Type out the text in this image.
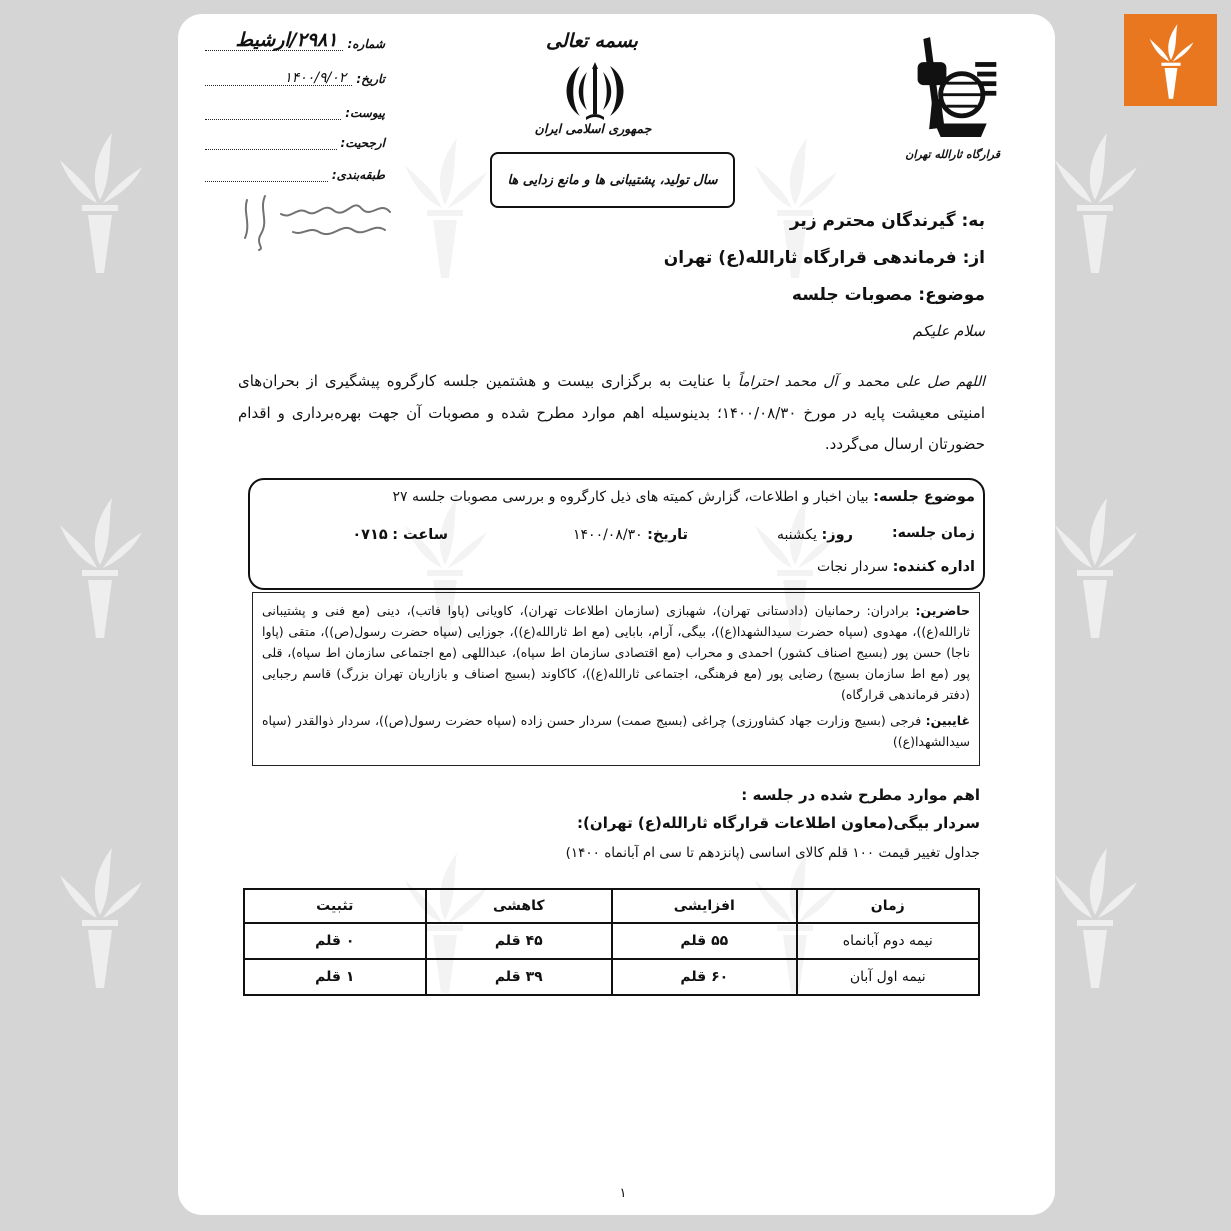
بسمه تعالی
جمهوری اسلامی ایران
سال تولید، پشتیبانی ها و مانع زدایی ها
قرارگاه ثارالله تهران
شماره:
۲۹۸۱/ارشیط
تاریخ:
۱۴۰۰/۹/۰۲
پیوست:
ارجحیت:
طبقه‌بندی:
به: گیرندگان محترم زیر
از: فرماندهی قرارگاه ثارالله(ع) تهران
موضوع: مصوبات جلسه
سلام علیکم
اللهم صل علی محمد و آل محمد احتراماً با عنایت به برگزاری بیست و هشتمین جلسه کارگروه پیشگیری از بحران‌های امنیتی معیشت پایه در مورخ ۱۴۰۰/۰۸/۳۰؛ بدینوسیله اهم موارد مطرح شده و مصوبات آن جهت بهره‌برداری و اقدام حضورتان ارسال می‌گردد.
موضوع جلسه: بیان اخبار و اطلاعات، گزارش کمیته های ذیل کارگروه و بررسی مصوبات جلسه ۲۷
زمان جلسه:
روز: یکشنبه
تاریخ: ۱۴۰۰/۰۸/۳۰
ساعت : ۰۷۱۵
اداره کننده: سردار نجات

حاضرین: برادران: رحمانیان (دادستانی تهران)، شهبازی (سازمان اطلاعات تهران)، کاویانی (پاوا فاتب)، دینی (مع فنی و پشتیبانی ثارالله(ع))، مهدوی (سپاه حضرت سیدالشهدا(ع))، بیگی، آرام، بابایی (مع اط ثارالله(ع))، جوزایی (سپاه حضرت رسول(ص))، متقی (پاوا ناجا) حسن پور (بسیج اصناف کشور) احمدی و محراب (مع اقتصادی سازمان اط سپاه)، عبداللهی (مع اجتماعی سازمان اط سپاه)، قلی پور (مع اط سازمان بسیج) رضایی پور (مع فرهنگی، اجتماعی ثارالله(ع))، کاکاوند (بسیج اصناف و بازاریان تهران بزرگ) قاسم رجبایی (دفتر فرماندهی قرارگاه)

غایبین: فرجی (بسیج وزارت جهاد کشاورزی) چراغی (بسیج صمت) سردار حسن زاده (سپاه حضرت رسول(ص))، سردار ذوالقدر (سپاه سیدالشهدا(ع))

اهم موارد مطرح شده در جلسه :
سردار بیگی(معاون اطلاعات قرارگاه ثارالله(ع) تهران):
جداول تغییر قیمت ۱۰۰ قلم کالای اساسی (پانزدهم تا سی ام آبانماه ۱۴۰۰)
زمان	افزایشی	کاهشی	تثبیت
نیمه دوم آبانماه	۵۵ قلم	۴۵ قلم	۰ قلم
نیمه اول آبان	۶۰ قلم	۳۹ قلم	۱ قلم
۱
